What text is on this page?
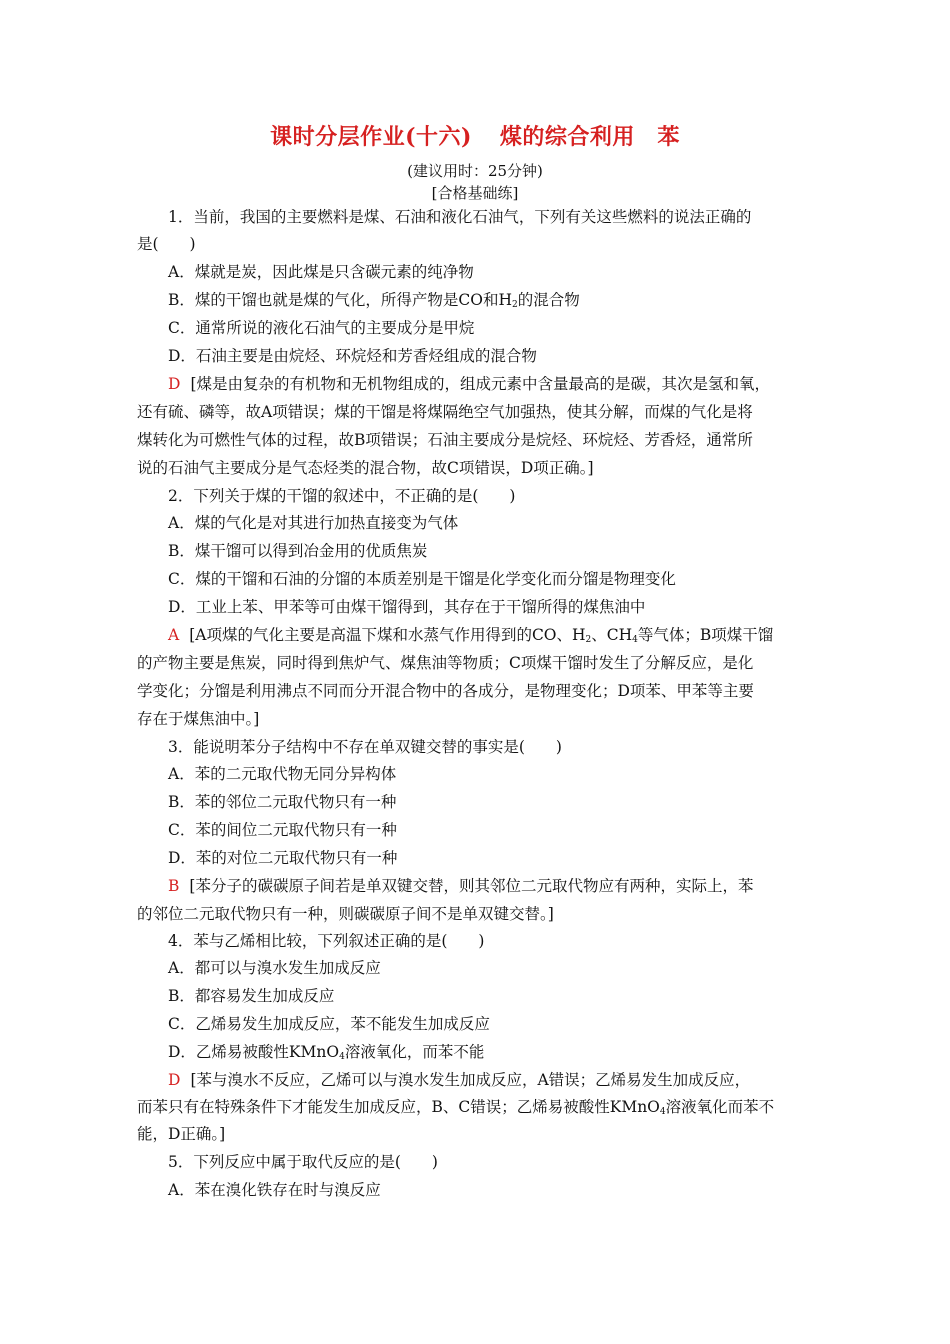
课时分层作业(十六) 煤的综合利用　苯
(建议用时：25分钟)
[合格基础练]
1．当前，我国的主要燃料是煤、石油和液化石油气，下列有关这些燃料的说法正确的
是(　　)
A．煤就是炭，因此煤是只含碳元素的纯净物
B．煤的干馏也就是煤的气化，所得产物是CO和$H_2$的混合物
C．通常所说的液化石油气的主要成分是甲烷
D．石油主要是由烷烃、环烷烃和芳香烃组成的混合物
D [煤是由复杂的有机物和无机物组成的，组成元素中含量最高的是碳，其次是氢和氧，
还有硫、磷等，故A项错误；煤的干馏是将煤隔绝空气加强热，使其分解，而煤的气化是将
煤转化为可燃性气体的过程，故B项错误；石油主要成分是烷烃、环烷烃、芳香烃，通常所
说的石油气主要成分是气态烃类的混合物，故C项错误，D项正确。]
2．下列关于煤的干馏的叙述中，不正确的是(　　)
A．煤的气化是对其进行加热直接变为气体
B．煤干馏可以得到冶金用的优质焦炭
C．煤的干馏和石油的分馏的本质差别是干馏是化学变化而分馏是物理变化
D．工业上苯、甲苯等可由煤干馏得到，其存在于干馏所得的煤焦油中
A [A项煤的气化主要是高温下煤和水蒸气作用得到的CO、$H_2$、$CH_4$等气体；B项煤干馏
的产物主要是焦炭，同时得到焦炉气、煤焦油等物质；C项煤干馏时发生了分解反应，是化
学变化；分馏是利用沸点不同而分开混合物中的各成分，是物理变化；D项苯、甲苯等主要
存在于煤焦油中。]
3．能说明苯分子结构中不存在单双键交替的事实是(　　)
A．苯的二元取代物无同分异构体
B．苯的邻位二元取代物只有一种
C．苯的间位二元取代物只有一种
D．苯的对位二元取代物只有一种
B [苯分子的碳碳原子间若是单双键交替，则其邻位二元取代物应有两种，实际上，苯
的邻位二元取代物只有一种，则碳碳原子间不是单双键交替。]
4．苯与乙烯相比较，下列叙述正确的是(　　)
A．都可以与溴水发生加成反应
B．都容易发生加成反应
C．乙烯易发生加成反应，苯不能发生加成反应
D．乙烯易被酸性KMnO$_4$溶液氧化，而苯不能
D [苯与溴水不反应，乙烯可以与溴水发生加成反应，A错误；乙烯易发生加成反应，
而苯只有在特殊条件下才能发生加成反应，B、C错误；乙烯易被酸性KMnO$_4$溶液氧化而苯不
能，D正确。]
5．下列反应中属于取代反应的是(　　)
A．苯在溴化铁存在时与溴反应
